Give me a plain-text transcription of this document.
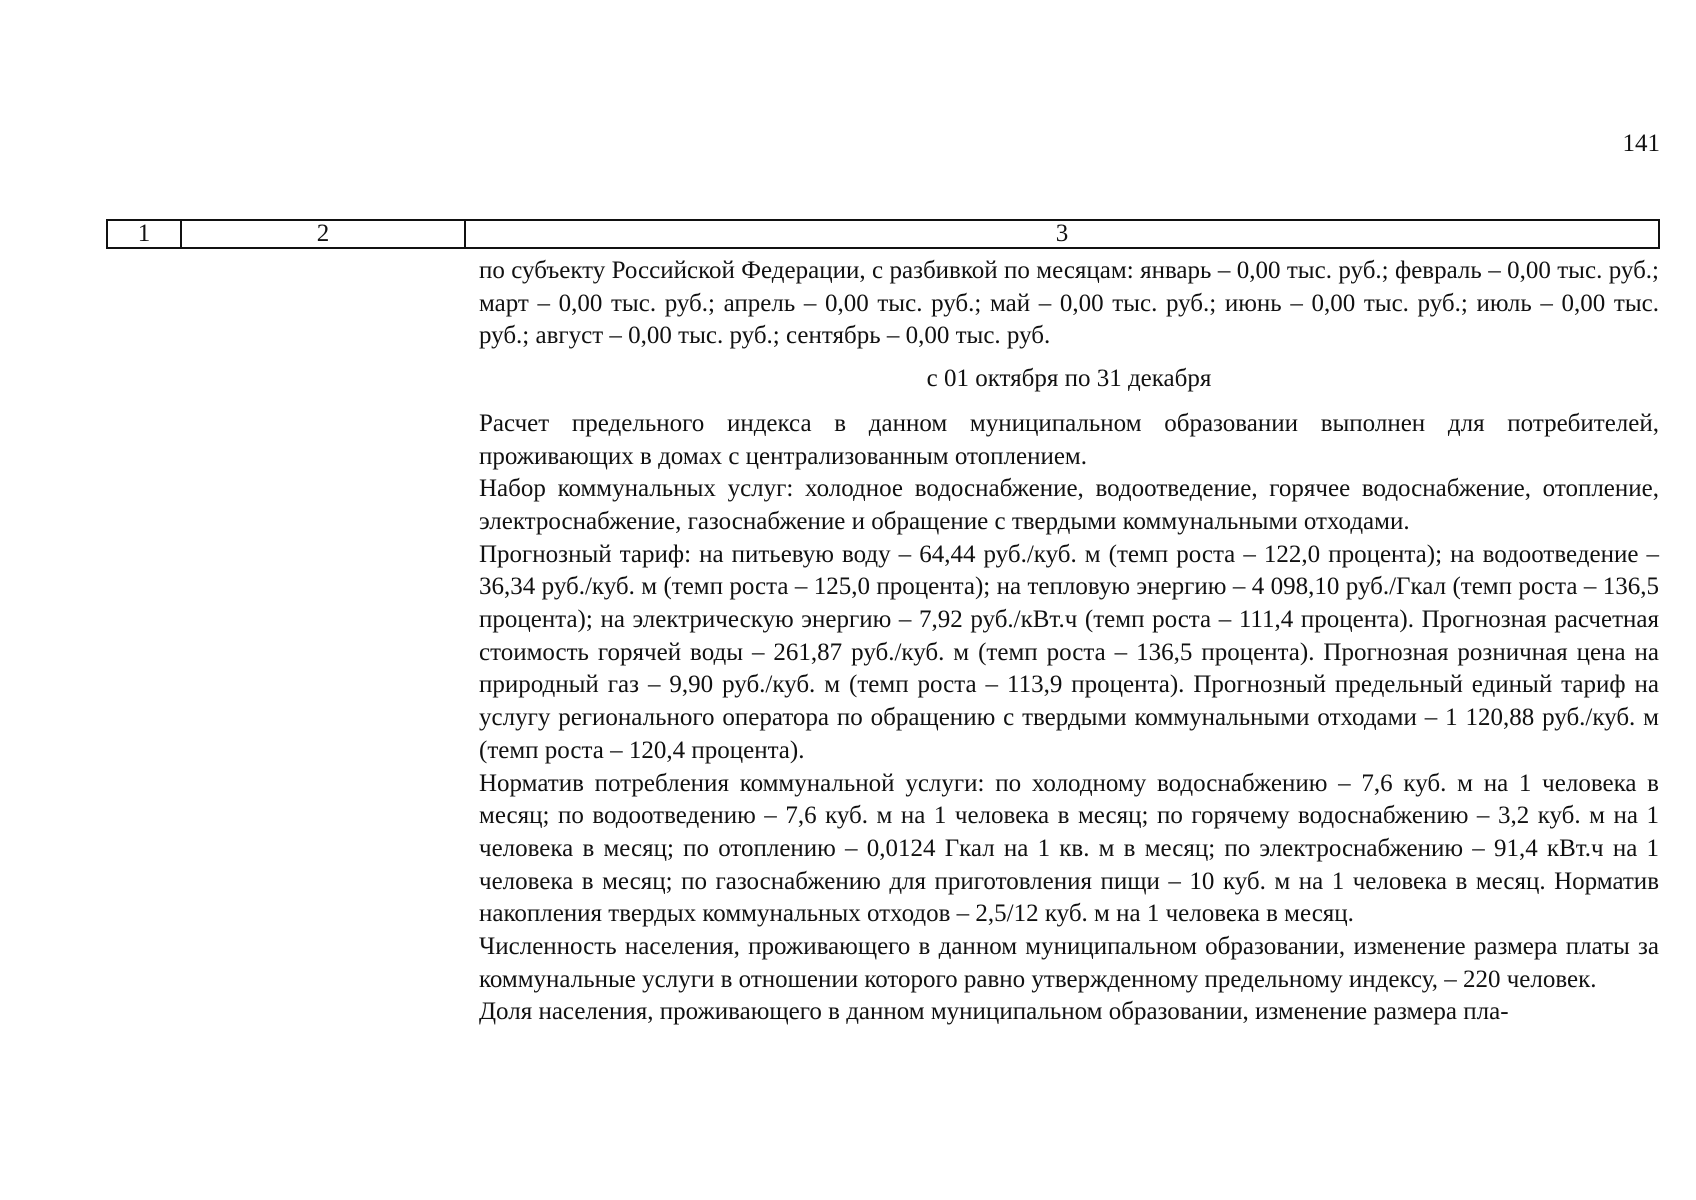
141
1	2	3

по субъекту Российской Федерации, с разбивкой по месяцам: январь – 0,00 тыс. руб.; февраль – 0,00 тыс. руб.; март – 0,00 тыс. руб.; апрель – 0,00 тыс. руб.; май – 0,00 тыс. руб.; июнь – 0,00 тыс. руб.; июль – 0,00 тыс. руб.; август – 0,00 тыс. руб.; сентябрь – 0,00 тыс. руб.

с 01 октября по 31 декабря

Расчет предельного индекса в данном муниципальном образовании выполнен для потребителей, проживающих в домах с централизованным отоплением.

Набор коммунальных услуг: холодное водоснабжение, водоотведение, горячее водоснабжение, отопление, электроснабжение, газоснабжение и обращение с твердыми коммунальными отходами.

Прогнозный тариф: на питьевую воду – 64,44 руб./куб. м (темп роста – 122,0 процента); на водоотведение – 36,34 руб./куб. м (темп роста – 125,0 процента); на тепловую энергию – 4 098,10 руб./Гкал (темп роста – 136,5 процента); на электрическую энергию – 7,92 руб./кВт.ч (темп роста – 111,4 процента). Прогнозная расчетная стоимость горячей воды – 261,87 руб./куб. м (темп роста – 136,5 процента). Прогнозная розничная цена на природный газ – 9,90 руб./куб. м (темп роста – 113,9 процента). Прогнозный предельный единый тариф на услугу регионального оператора по обращению с твердыми коммунальными отходами – 1 120,88 руб./куб. м (темп роста – 120,4 процента).

Норматив потребления коммунальной услуги: по холодному водоснабжению – 7,6 куб. м на 1 человека в месяц; по водоотведению – 7,6 куб. м на 1 человека в месяц; по горячему водоснабжению – 3,2 куб. м на 1 человека в месяц; по отоплению – 0,0124 Гкал на 1 кв. м в месяц; по электроснабжению – 91,4 кВт.ч на 1 человека в месяц; по газоснабжению для приготовления пищи – 10 куб. м на 1 человека в месяц. Норматив накопления твердых коммунальных отходов – 2,5/12 куб. м на 1 человека в месяц.

Численность населения, проживающего в данном муниципальном образовании, изменение размера платы за коммунальные услуги в отношении которого равно утвержденному предельному индексу, – 220 человек.

Доля населения, проживающего в данном муниципальном образовании, изменение размера пла-
